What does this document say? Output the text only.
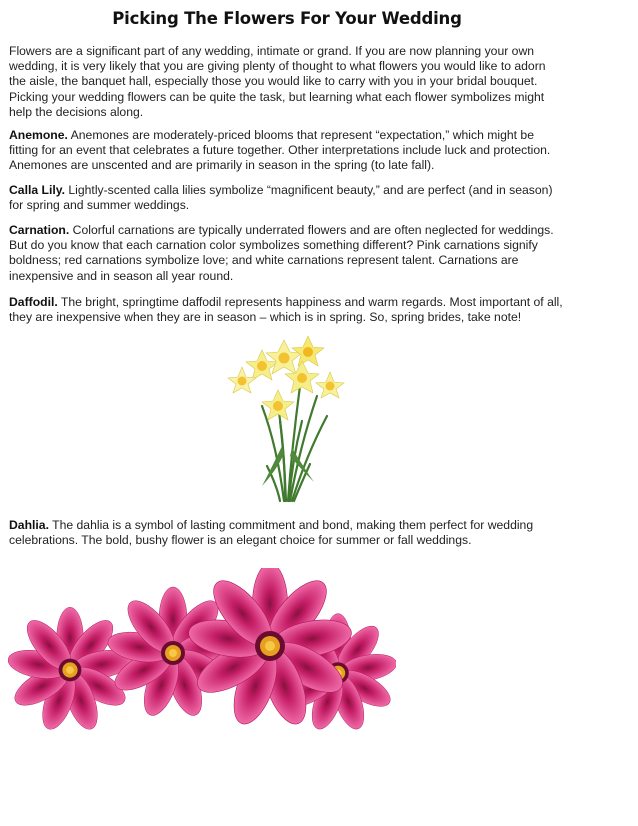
Picking The Flowers For Your Wedding

Flowers are a significant part of any wedding, intimate or grand. If you are now planning your own wedding, it is very likely that you are giving plenty of thought to what flowers you would like to adorn the aisle, the banquet hall, especially those you would like to carry with you in your bridal bouquet. Picking your wedding flowers can be quite the task, but learning what each flower symbolizes might help the decisions along.

Anemone. Anemones are moderately-priced blooms that represent “expectation,” which might be fitting for an event that celebrates a future together. Other interpretations include luck and protection. Anemones are unscented and are primarily in season in the spring (to late fall).

Calla Lily. Lightly-scented calla lilies symbolize “magnificent beauty,” and are perfect (and in season) for spring and summer weddings.

Carnation. Colorful carnations are typically underrated flowers and are often neglected for weddings. But do you know that each carnation color symbolizes something different? Pink carnations signify boldness; red carnations symbolize love; and white carnations represent talent. Carnations are inexpensive and in season all year round.

Daffodil. The bright, springtime daffodil represents happiness and warm regards. Most important of all, they are inexpensive when they are in season – which is in spring. So, spring brides, take note!

Dahlia. The dahlia is a symbol of lasting commitment and bond, making them perfect for wedding celebrations. The bold, bushy flower is an elegant choice for summer or fall weddings.
